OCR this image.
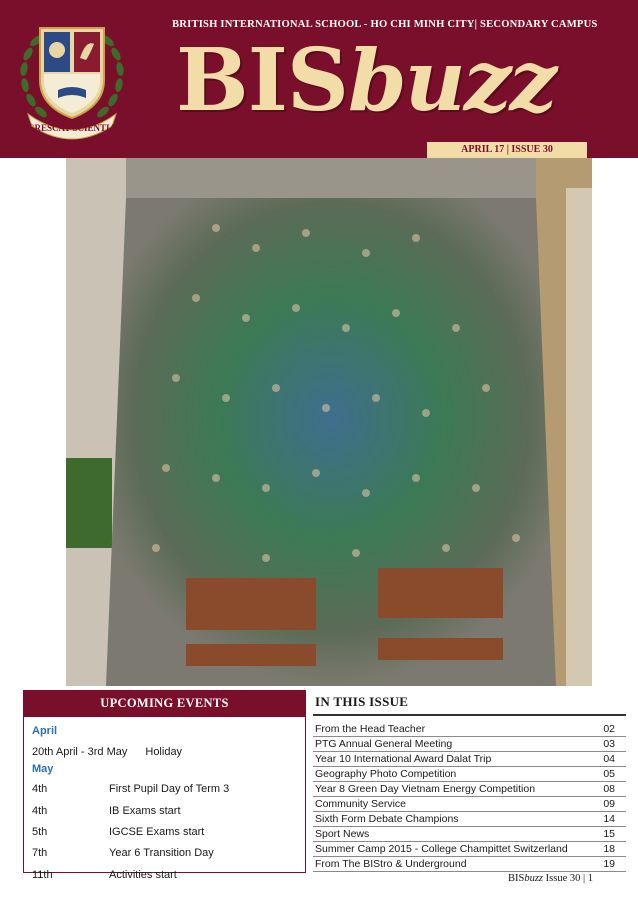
CRESCAT SCIENTIA
BRITISH INTERNATIONAL SCHOOL - HO CHI MINH CITY| SECONDARY CAMPUS
BISbuzz
APRIL 17 | ISSUE 30
UPCOMING EVENTS
April
20th April - 3rd May Holiday
May
4th	First Pupil Day of Term 3
4th	IB Exams start
5th	IGCSE Exams start
7th	Year 6 Transition Day
11th	Activities start
IN THIS ISSUE
From the Head Teacher	02
PTG Annual General Meeting	03
Year 10 International Award Dalat Trip	04
Geography Photo Competition	05
Year 8 Green Day Vietnam Energy Competition	08
Community Service	09
Sixth Form Debate Champions	14
Sport News	15
Summer Camp 2015 - College Champittet Switzerland	18
From The BIStro & Underground	19
BISbuzz Issue 30 | 1
